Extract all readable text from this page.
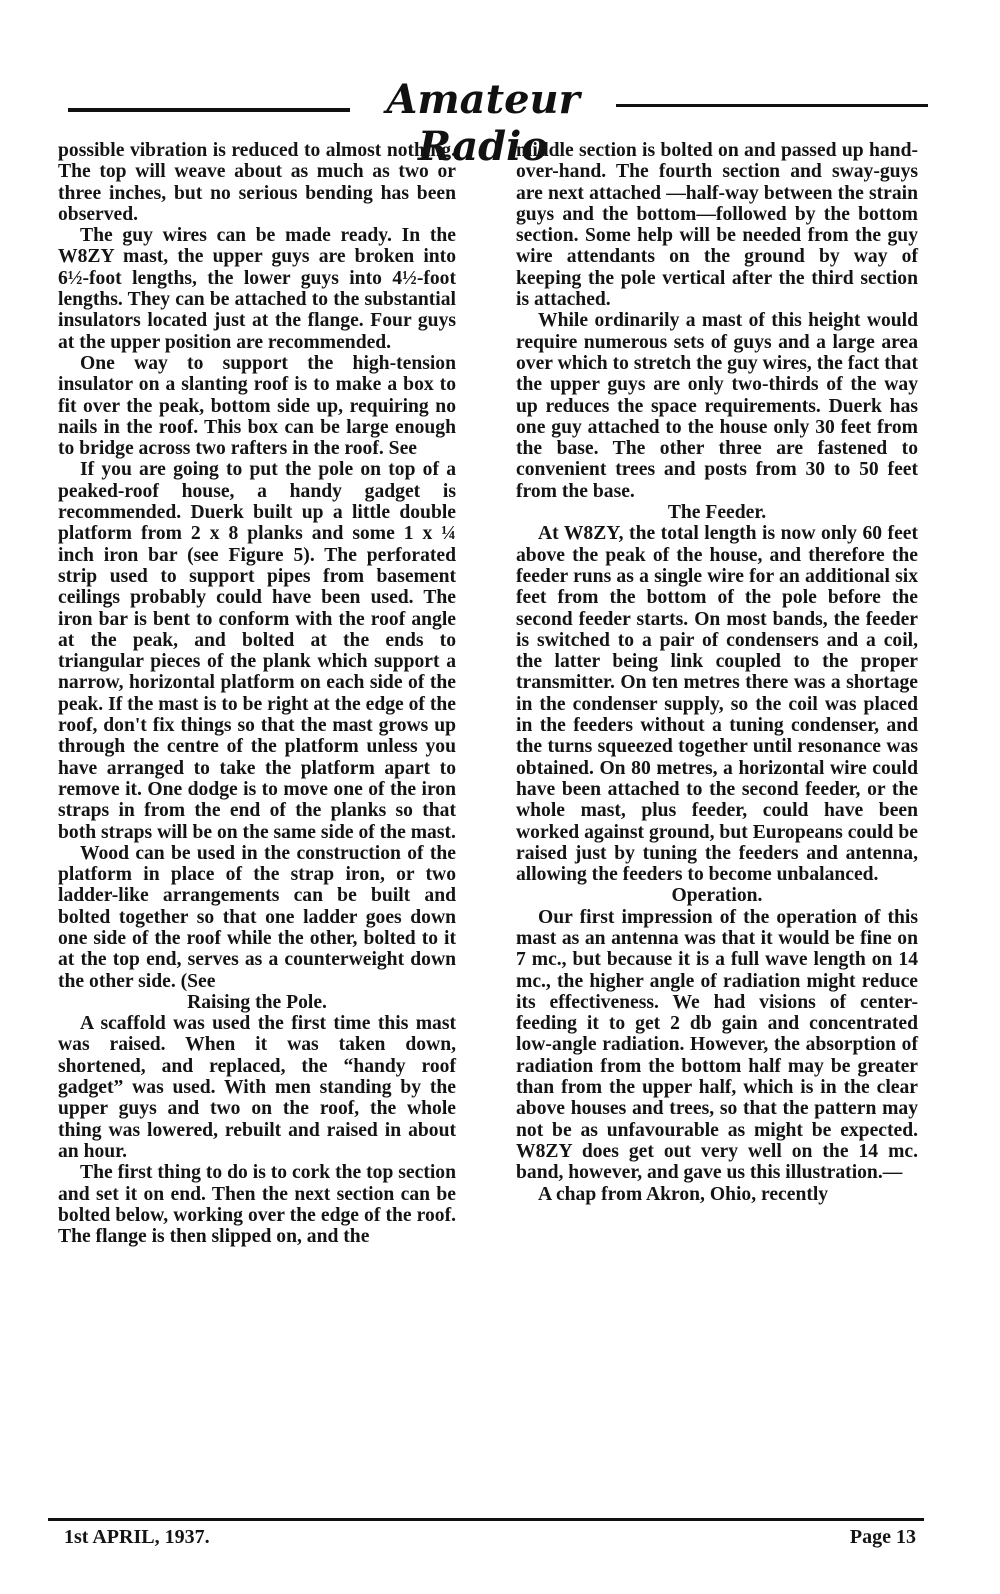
Amateur Radio

possible vibration is reduced to almost nothing. The top will weave about as much as two or three inches, but no serious bending has been observed.

The guy wires can be made ready. In the W8ZY mast, the upper guys are broken into 6½-foot lengths, the lower guys into 4½-foot lengths. They can be attached to the substantial insulators located just at the flange. Four guys at the upper position are recommended.

One way to support the high-tension insulator on a slanting roof is to make a box to fit over the peak, bottom side up, requiring no nails in the roof. This box can be large enough to bridge across two rafters in the roof. See

If you are going to put the pole on top of a peaked-roof house, a handy gadget is recommended. Duerk built up a little double platform from 2 x 8 planks and some 1 x ¼ inch iron bar (see Figure 5). The perforated strip used to support pipes from basement ceilings probably could have been used. The iron bar is bent to conform with the roof angle at the peak, and bolted at the ends to triangular pieces of the plank which support a narrow, horizontal platform on each side of the peak. If the mast is to be right at the edge of the roof, don't fix things so that the mast grows up through the centre of the platform unless you have arranged to take the platform apart to remove it. One dodge is to move one of the iron straps in from the end of the planks so that both straps will be on the same side of the mast.

Wood can be used in the construction of the platform in place of the strap iron, or two ladder-like arrangements can be built and bolted together so that one ladder goes down one side of the roof while the other, bolted to it at the top end, serves as a counterweight down the other side. (See

Raising the Pole.

A scaffold was used the first time this mast was raised. When it was taken down, shortened, and replaced, the “handy roof gadget” was used. With men standing by the upper guys and two on the roof, the whole thing was lowered, rebuilt and raised in about an hour.

The first thing to do is to cork the top section and set it on end. Then the next section can be bolted below, working over the edge of the roof. The flange is then slipped on, and the

middle section is bolted on and passed up hand-over-hand. The fourth section and sway-guys are next attached —half-way between the strain guys and the bottom—followed by the bottom section. Some help will be needed from the guy wire attendants on the ground by way of keeping the pole vertical after the third section is attached.

While ordinarily a mast of this height would require numerous sets of guys and a large area over which to stretch the guy wires, the fact that the upper guys are only two-thirds of the way up reduces the space requirements. Duerk has one guy attached to the house only 30 feet from the base. The other three are fastened to convenient trees and posts from 30 to 50 feet from the base.

The Feeder.

At W8ZY, the total length is now only 60 feet above the peak of the house, and therefore the feeder runs as a single wire for an additional six feet from the bottom of the pole before the second feeder starts. On most bands, the feeder is switched to a pair of condensers and a coil, the latter being link coupled to the proper transmitter. On ten metres there was a shortage in the condenser supply, so the coil was placed in the feeders without a tuning condenser, and the turns squeezed together until resonance was obtained. On 80 metres, a horizontal wire could have been attached to the second feeder, or the whole mast, plus feeder, could have been worked against ground, but Europeans could be raised just by tuning the feeders and antenna, allowing the feeders to become unbalanced.

Operation.

Our first impression of the operation of this mast as an antenna was that it would be fine on 7 mc., but because it is a full wave length on 14 mc., the higher angle of radiation might reduce its effectiveness. We had visions of center-feeding it to get 2 db gain and concentrated low-angle radiation. However, the absorption of radiation from the bottom half may be greater than from the upper half, which is in the clear above houses and trees, so that the pattern may not be as unfavourable as might be expected. W8ZY does get out very well on the 14 mc. band, however, and gave us this illustration.—

A chap from Akron, Ohio, recently

1st APRIL, 1937.	Page 13
